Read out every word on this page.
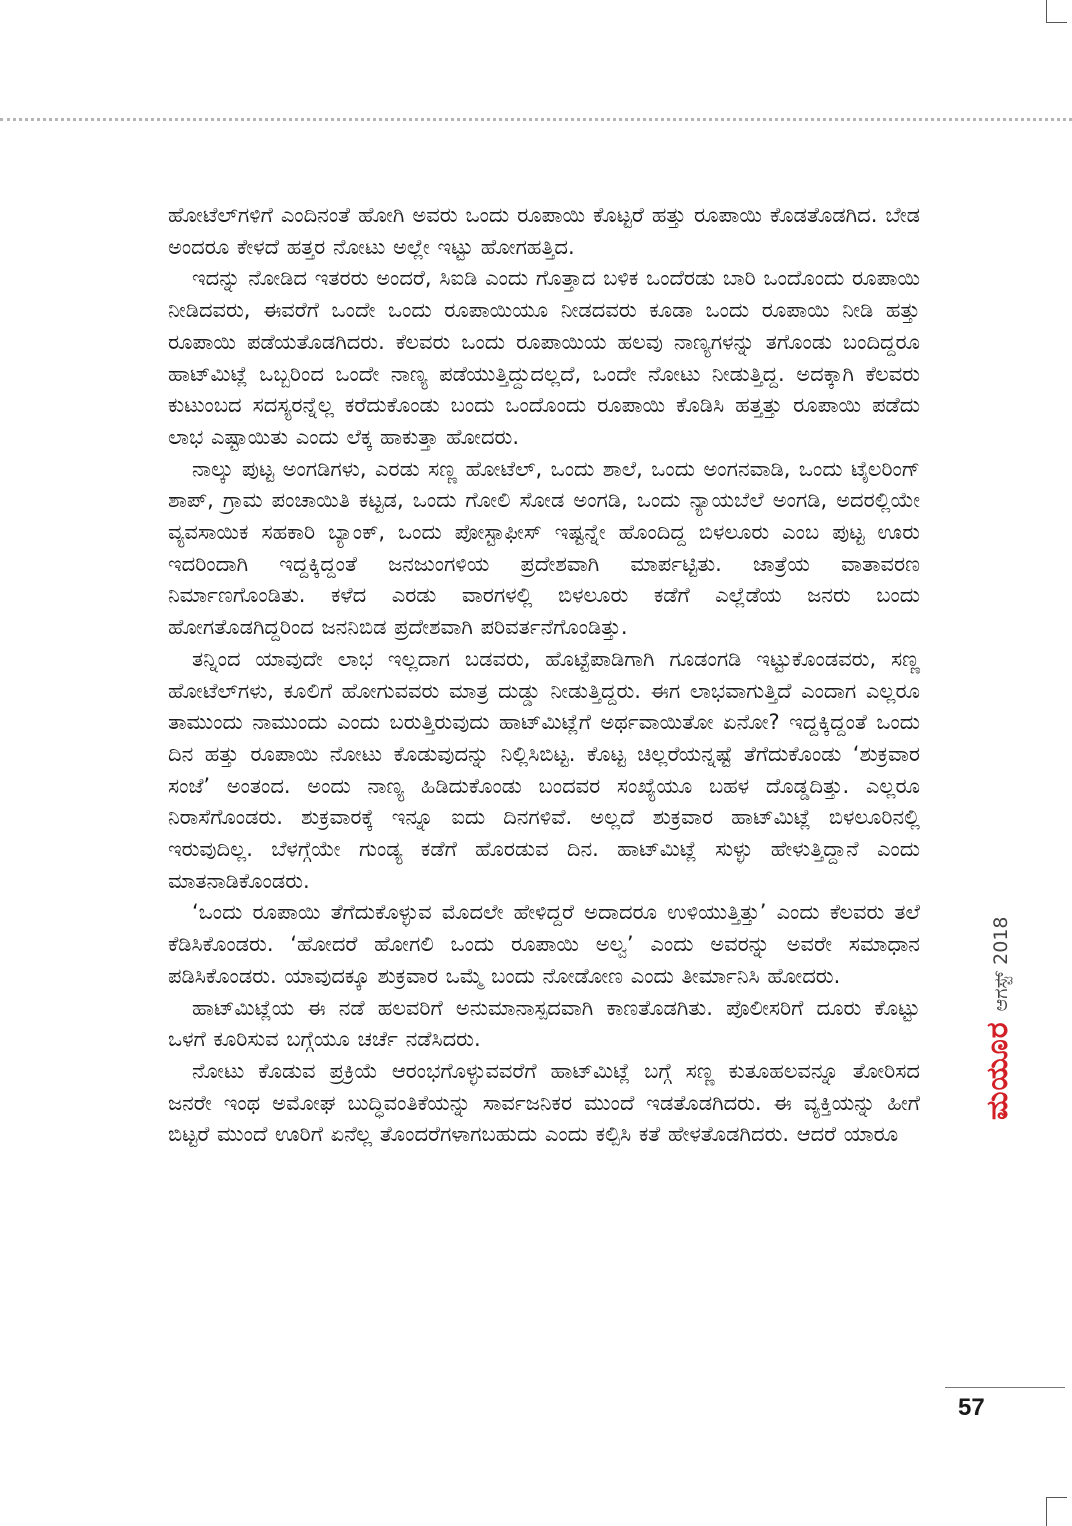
ಹೋಟೆಲ್‌ಗಳಿಗೆ ಎಂದಿನಂತೆ ಹೋಗಿ ಅವರು ಒಂದು ರೂಪಾಯಿ ಕೊಟ್ಟರೆ ಹತ್ತು ರೂಪಾಯಿ ಕೊಡತೊಡಗಿದ. ಬೇಡ ಅಂದರೂ ಕೇಳದೆ ಹತ್ತರ ನೋಟು ಅಲ್ಲೇ ಇಟ್ಟು ಹೋಗಹತ್ತಿದ.

ಇದನ್ನು ನೋಡಿದ ಇತರರು ಅಂದರೆ, ಸಿಐಡಿ ಎಂದು ಗೊತ್ತಾದ ಬಳಿಕ ಒಂದೆರಡು ಬಾರಿ ಒಂದೊಂದು ರೂಪಾಯಿ ನೀಡಿದವರು, ಈವರೆಗೆ ಒಂದೇ ಒಂದು ರೂಪಾಯಿಯೂ ನೀಡದವರು ಕೂಡಾ ಒಂದು ರೂಪಾಯಿ ನೀಡಿ ಹತ್ತು ರೂಪಾಯಿ ಪಡೆಯತೊಡಗಿದರು. ಕೆಲವರು ಒಂದು ರೂಪಾಯಿಯ ಹಲವು ನಾಣ್ಯಗಳನ್ನು ತಗೊಂಡು ಬಂದಿದ್ದರೂ ಹಾಟ್‌ಮಿಟ್ಲೆ ಒಬ್ಬರಿಂದ ಒಂದೇ ನಾಣ್ಯ ಪಡೆಯುತ್ತಿದ್ದುದಲ್ಲದೆ, ಒಂದೇ ನೋಟು ನೀಡುತ್ತಿದ್ದ. ಅದಕ್ಕಾಗಿ ಕೆಲವರು ಕುಟುಂಬದ ಸದಸ್ಯರನ್ನೆಲ್ಲ ಕರೆದುಕೊಂಡು ಬಂದು ಒಂದೊಂದು ರೂಪಾಯಿ ಕೊಡಿಸಿ ಹತ್ತತ್ತು ರೂಪಾಯಿ ಪಡೆದು ಲಾಭ ಎಷ್ಟಾಯಿತು ಎಂದು ಲೆಕ್ಕ ಹಾಕುತ್ತಾ ಹೋದರು.

ನಾಲ್ಕು ಪುಟ್ಟ ಅಂಗಡಿಗಳು, ಎರಡು ಸಣ್ಣ ಹೋಟೆಲ್, ಒಂದು ಶಾಲೆ, ಒಂದು ಅಂಗನವಾಡಿ, ಒಂದು ಟೈಲರಿಂಗ್ ಶಾಪ್, ಗ್ರಾಮ ಪಂಚಾಯಿತಿ ಕಟ್ಟಡ, ಒಂದು ಗೋಲಿ ಸೋಡ ಅಂಗಡಿ, ಒಂದು ನ್ಯಾಯಬೆಲೆ ಅಂಗಡಿ, ಅದರಲ್ಲಿಯೇ ವ್ಯವಸಾಯಿಕ ಸಹಕಾರಿ ಬ್ಯಾಂಕ್, ಒಂದು ಪೋಸ್ಟಾಫೀಸ್ ಇಷ್ಟನ್ನೇ ಹೊಂದಿದ್ದ ಬಿಳಲೂರು ಎಂಬ ಪುಟ್ಟ ಊರು ಇದರಿಂದಾಗಿ ಇದ್ದಕ್ಕಿದ್ದಂತೆ ಜನಜುಂಗಳಿಯ ಪ್ರದೇಶವಾಗಿ ಮಾರ್ಪಟ್ಟಿತು. ಜಾತ್ರೆಯ ವಾತಾವರಣ ನಿರ್ಮಾಣಗೊಂಡಿತು. ಕಳೆದ ಎರಡು ವಾರಗಳಲ್ಲಿ ಬಿಳಲೂರು ಕಡೆಗೆ ಎಲ್ಲೆಡೆಯ ಜನರು ಬಂದು ಹೋಗತೊಡಗಿದ್ದರಿಂದ ಜನನಿಬಿಡ ಪ್ರದೇಶವಾಗಿ ಪರಿವರ್ತನೆಗೊಂಡಿತ್ತು.

ತನ್ನಿಂದ ಯಾವುದೇ ಲಾಭ ಇಲ್ಲದಾಗ ಬಡವರು, ಹೊಟ್ಟೆಪಾಡಿಗಾಗಿ ಗೂಡಂಗಡಿ ಇಟ್ಟುಕೊಂಡವರು, ಸಣ್ಣ ಹೋಟೆಲ್‌ಗಳು, ಕೂಲಿಗೆ ಹೋಗುವವರು ಮಾತ್ರ ದುಡ್ಡು ನೀಡುತ್ತಿದ್ದರು. ಈಗ ಲಾಭವಾಗುತ್ತಿದೆ ಎಂದಾಗ ಎಲ್ಲರೂ ತಾಮುಂದು ನಾಮುಂದು ಎಂದು ಬರುತ್ತಿರುವುದು ಹಾಟ್‌ಮಿಟ್ಲೆಗೆ ಅರ್ಥವಾಯಿತೋ ಏನೋ? ಇದ್ದಕ್ಕಿದ್ದಂತೆ ಒಂದು ದಿನ ಹತ್ತು ರೂಪಾಯಿ ನೋಟು ಕೊಡುವುದನ್ನು ನಿಲ್ಲಿಸಿಬಿಟ್ಟ. ಕೊಟ್ಟ ಚಿಲ್ಲರೆಯನ್ನಷ್ಟೆ ತೆಗೆದುಕೊಂಡು ‘ಶುಕ್ರವಾರ ಸಂಜೆ’ ಅಂತಂದ. ಅಂದು ನಾಣ್ಯ ಹಿಡಿದುಕೊಂಡು ಬಂದವರ ಸಂಖ್ಯೆಯೂ ಬಹಳ ದೊಡ್ಡದಿತ್ತು. ಎಲ್ಲರೂ ನಿರಾಸೆಗೊಂಡರು. ಶುಕ್ರವಾರಕ್ಕೆ ಇನ್ನೂ ಐದು ದಿನಗಳಿವೆ. ಅಲ್ಲದೆ ಶುಕ್ರವಾರ ಹಾಟ್‌ಮಿಟ್ಲೆ ಬಿಳಲೂರಿನಲ್ಲಿ ಇರುವುದಿಲ್ಲ. ಬೆಳಗ್ಗೆಯೇ ಗುಂಡ್ಯ ಕಡೆಗೆ ಹೊರಡುವ ದಿನ. ಹಾಟ್‌ಮಿಟ್ಲೆ ಸುಳ್ಳು ಹೇಳುತ್ತಿದ್ದಾನೆ ಎಂದು ಮಾತನಾಡಿಕೊಂಡರು.

‘ಒಂದು ರೂಪಾಯಿ ತೆಗೆದುಕೊಳ್ಳುವ ಮೊದಲೇ ಹೇಳಿದ್ದರೆ ಅದಾದರೂ ಉಳಿಯುತ್ತಿತ್ತು’ ಎಂದು ಕೆಲವರು ತಲೆ ಕೆಡಿಸಿಕೊಂಡರು. ‘ಹೋದರೆ ಹೋಗಲಿ ಒಂದು ರೂಪಾಯಿ ಅಲ್ವ’ ಎಂದು ಅವರನ್ನು ಅವರೇ ಸಮಾಧಾನ ಪಡಿಸಿಕೊಂಡರು. ಯಾವುದಕ್ಕೂ ಶುಕ್ರವಾರ ಒಮ್ಮೆ ಬಂದು ನೋಡೋಣ ಎಂದು ತೀರ್ಮಾನಿಸಿ ಹೋದರು.

ಹಾಟ್‌ಮಿಟ್ಲೆಯ ಈ ನಡೆ ಹಲವರಿಗೆ ಅನುಮಾನಾಸ್ಪದವಾಗಿ ಕಾಣತೊಡಗಿತು. ಪೊಲೀಸರಿಗೆ ದೂರು ಕೊಟ್ಟು ಒಳಗೆ ಕೂರಿಸುವ ಬಗ್ಗೆಯೂ ಚರ್ಚೆ ನಡೆಸಿದರು.

ನೋಟು ಕೊಡುವ ಪ್ರಕ್ರಿಯೆ ಆರಂಭಗೊಳ್ಳುವವರೆಗೆ ಹಾಟ್‌ಮಿಟ್ಲೆ ಬಗ್ಗೆ ಸಣ್ಣ ಕುತೂಹಲವನ್ನೂ ತೋರಿಸದ ಜನರೇ ಇಂಥ ಅಮೋಘ ಬುದ್ಧಿವಂತಿಕೆಯನ್ನು ಸಾರ್ವಜನಿಕರ ಮುಂದೆ ಇಡತೊಡಗಿದರು. ಈ ವ್ಯಕ್ತಿಯನ್ನು ಹೀಗೆ ಬಿಟ್ಟರೆ ಮುಂದೆ ಊರಿಗೆ ಏನೆಲ್ಲ ತೊಂದರೆಗಳಾಗಬಹುದು ಎಂದು ಕಲ್ಪಿಸಿ ಕತೆ ಹೇಳತೊಡಗಿದರು. ಆದರೆ ಯಾರೂ

ಮಯೂರ
ಆಗಸ್ಟ್ 2018
57
